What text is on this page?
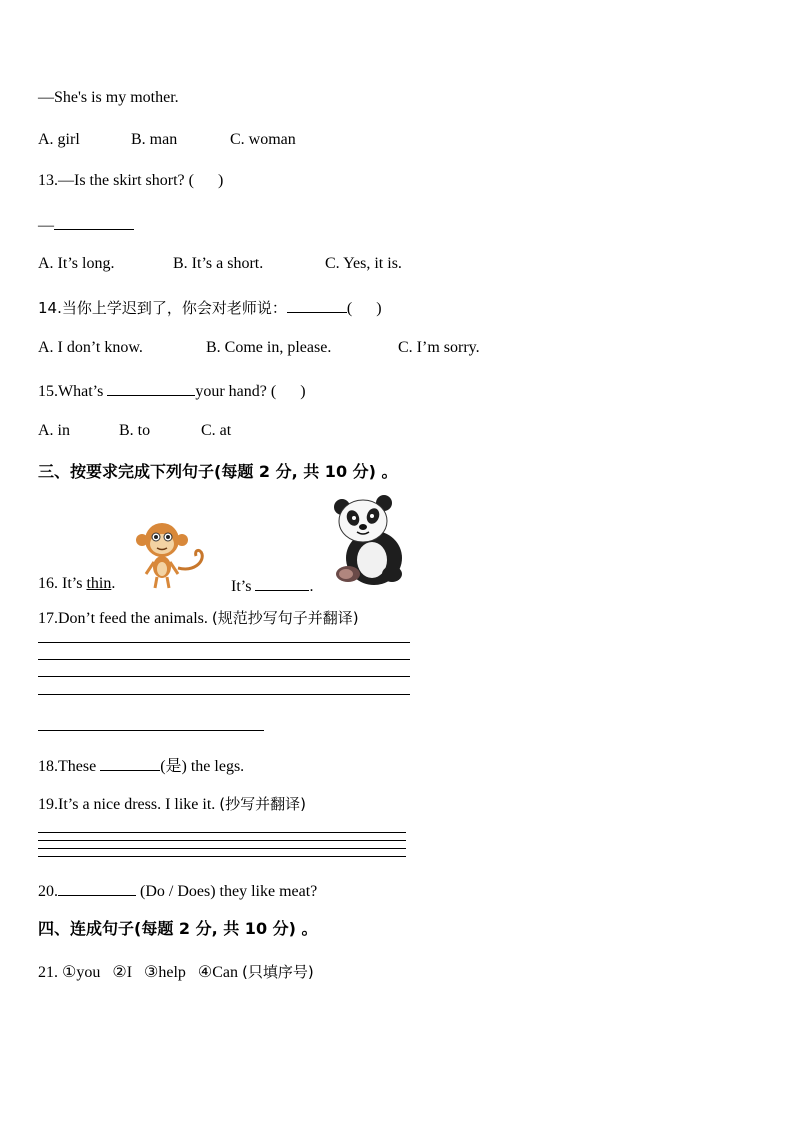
—She's is my mother.
A. girl	B. man	C. woman
13.—Is the skirt short? (      )
—
A. It’s long.	B. It’s a short.	C. Yes, it is.
14.当你上学迟到了，你会对老师说：	(      )
A. I don’t know.	B. Come in, please.	C. I’m sorry.
15.What’s	your hand? (      )
A. in	B. to	C. at
三、按要求完成下列句子(每题 2 分, 共 10 分) 。
16. It’s thin.	It’s	.
17.Don’t feed the animals. (规范抄写句子并翻译)
18.These	(是) the legs.
19.It’s a nice dress. I like it. (抄写并翻译)
20.	(Do / Does) they like meat?
四、连成句子(每题 2 分, 共 10 分) 。
21. ①you   ②I   ③help   ④Can (只填序号)
